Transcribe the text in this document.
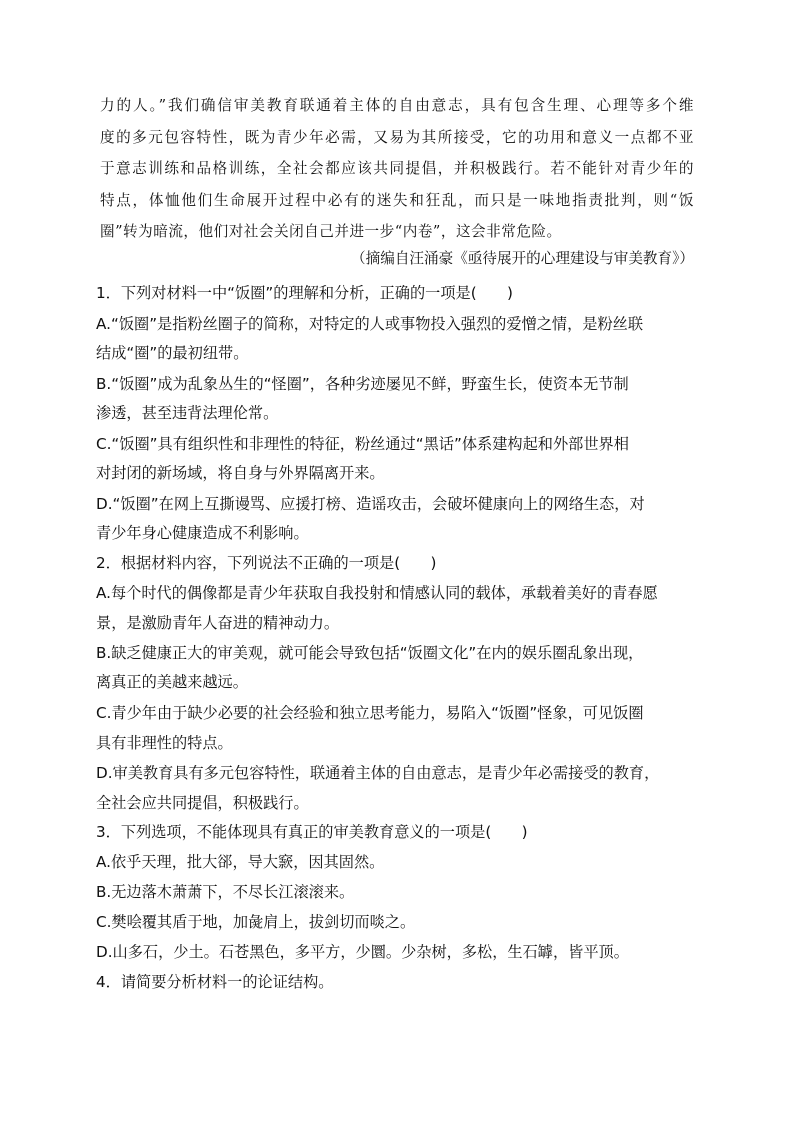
力的人。”我们确信审美教育联通着主体的自由意志，具有包含生理、心理等多个维
度的多元包容特性，既为青少年必需，又易为其所接受，它的功用和意义一点都不亚
于意志训练和品格训练，全社会都应该共同提倡，并积极践行。若不能针对青少年的
特点，体恤他们生命展开过程中必有的迷失和狂乱，而只是一味地指责批判，则“饭
圈”转为暗流，他们对社会关闭自己并进一步“内卷”，这会非常危险。
（摘编自汪涌豪《亟待展开的心理建设与审美教育》）
1．下列对材料一中“饭圈”的理解和分析，正确的一项是(　　)
A.“饭圈”是指粉丝圈子的简称，对特定的人或事物投入强烈的爱憎之情，是粉丝联
结成“圈”的最初纽带。
B.“饭圈”成为乱象丛生的“怪圈”，各种劣迹屡见不鲜，野蛮生长，使资本无节制
渗透，甚至违背法理伦常。
C.“饭圈”具有组织性和非理性的特征，粉丝通过“黑话”体系建构起和外部世界相
对封闭的新场域，将自身与外界隔离开来。
D.“饭圈”在网上互撕谩骂、应援打榜、造谣攻击，会破坏健康向上的网络生态，对
青少年身心健康造成不利影响。
2．根据材料内容，下列说法不正确的一项是(　　)
A.每个时代的偶像都是青少年获取自我投射和情感认同的载体，承载着美好的青春愿
景，是激励青年人奋进的精神动力。
B.缺乏健康正大的审美观，就可能会导致包括“饭圈文化”在内的娱乐圈乱象出现，
离真正的美越来越远。
C.青少年由于缺少必要的社会经验和独立思考能力，易陷入“饭圈”怪象，可见饭圈
具有非理性的特点。
D.审美教育具有多元包容特性，联通着主体的自由意志，是青少年必需接受的教育，
全社会应共同提倡，积极践行。
3．下列选项，不能体现具有真正的审美教育意义的一项是(　　)
A.依乎天理，批大郤，导大窾，因其固然。
B.无边落木萧萧下，不尽长江滚滚来。
C.樊哙覆其盾于地，加彘肩上，拔剑切而啖之。
D.山多石，少土。石苍黑色，多平方，少圜。少杂树，多松，生石罅，皆平顶。
4．请简要分析材料一的论证结构。
